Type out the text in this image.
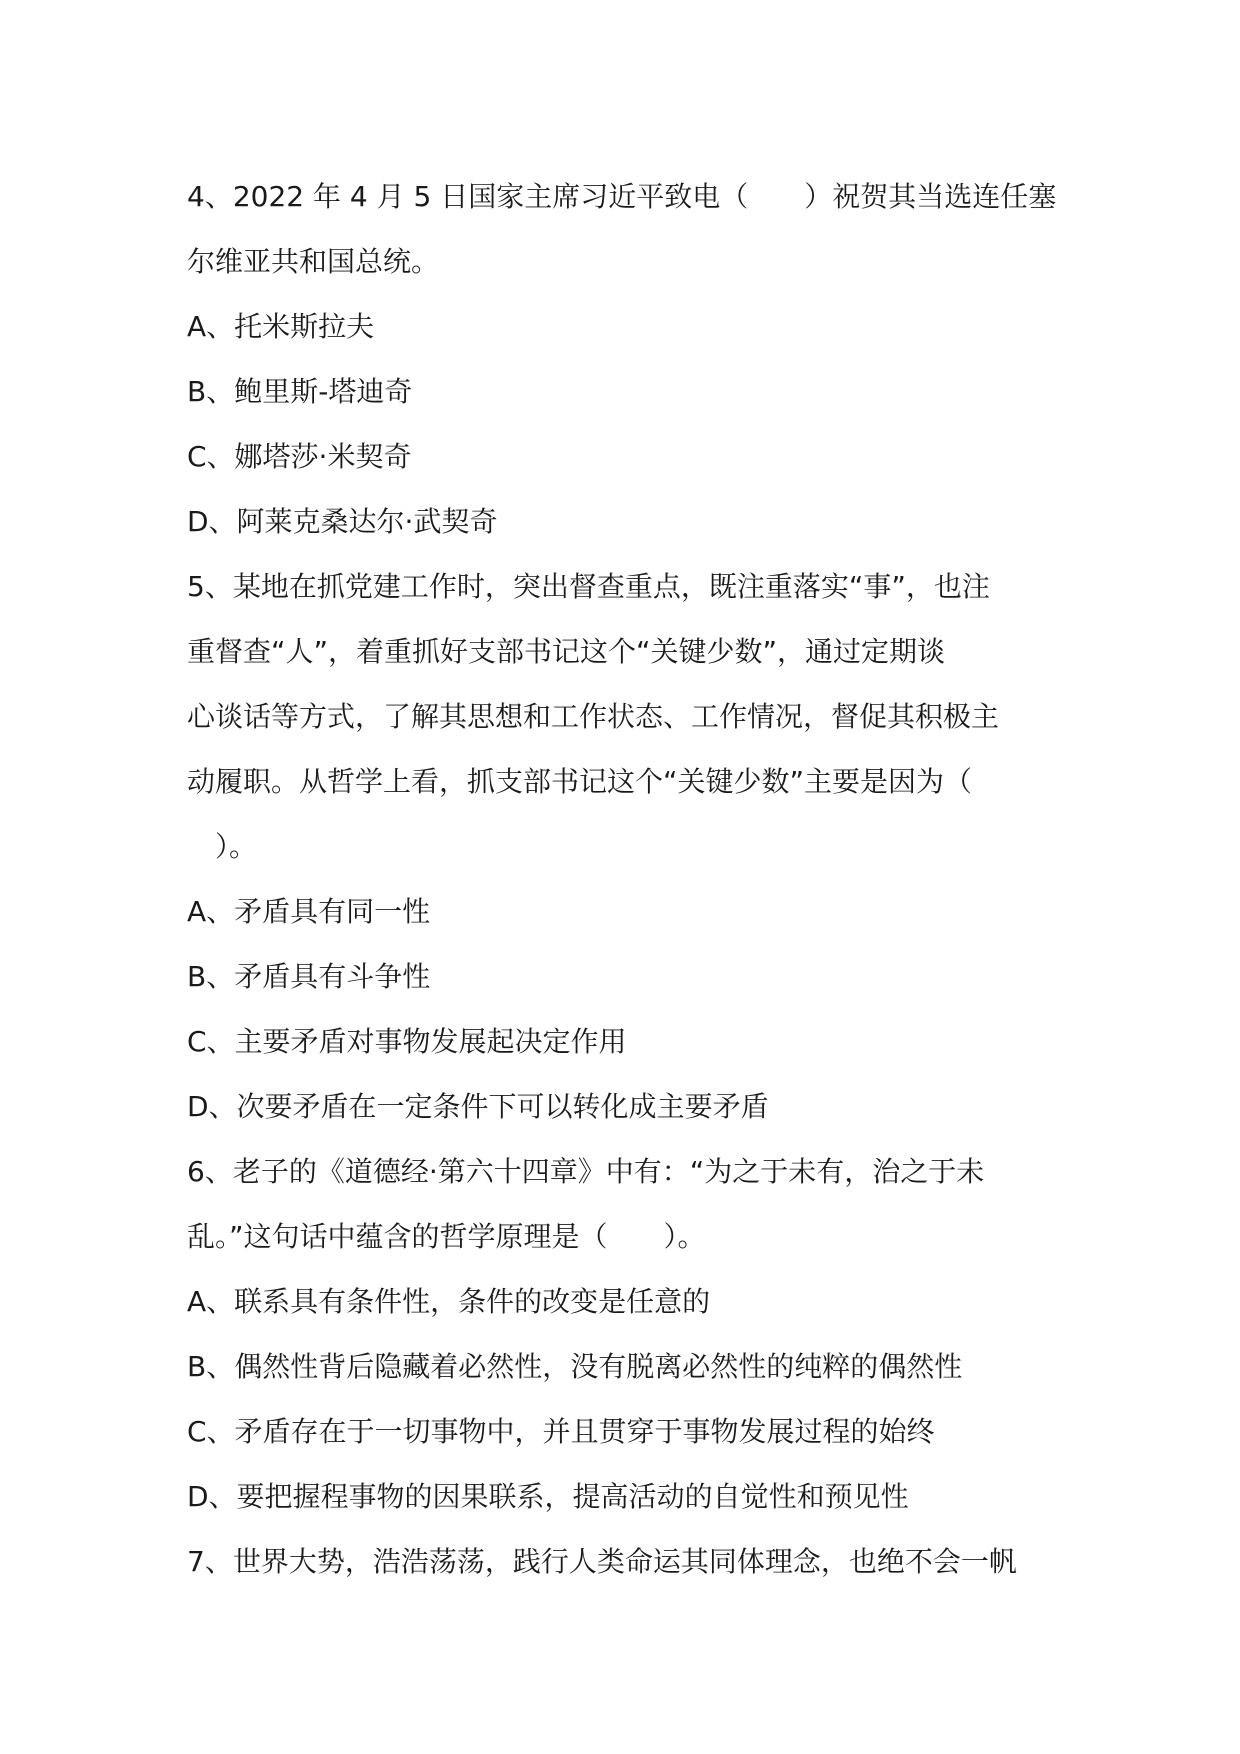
4、2022 年 4 月 5 日国家主席习近平致电（　　）祝贺其当选连任塞

尔维亚共和国总统。

A、托米斯拉夫

B、鲍里斯-塔迪奇

C、娜塔莎·米契奇

D、阿莱克桑达尔·武契奇

5、某地在抓党建工作时，突出督查重点，既注重落实“事”，也注

重督查“人”，着重抓好支部书记这个“关键少数”，通过定期谈

心谈话等方式，了解其思想和工作状态、工作情况，督促其积极主

动履职。从哲学上看，抓支部书记这个“关键少数”主要是因为（

　）。

A、矛盾具有同一性

B、矛盾具有斗争性

C、主要矛盾对事物发展起决定作用

D、次要矛盾在一定条件下可以转化成主要矛盾

6、老子的《道德经·第六十四章》中有：“为之于未有，治之于未

乱。”这句话中蕴含的哲学原理是（　　）。

A、联系具有条件性，条件的改变是任意的

B、偶然性背后隐藏着必然性，没有脱离必然性的纯粹的偶然性

C、矛盾存在于一切事物中，并且贯穿于事物发展过程的始终

D、要把握程事物的因果联系，提高活动的自觉性和预见性

7、世界大势，浩浩荡荡，践行人类命运其同体理念，也绝不会一帆
